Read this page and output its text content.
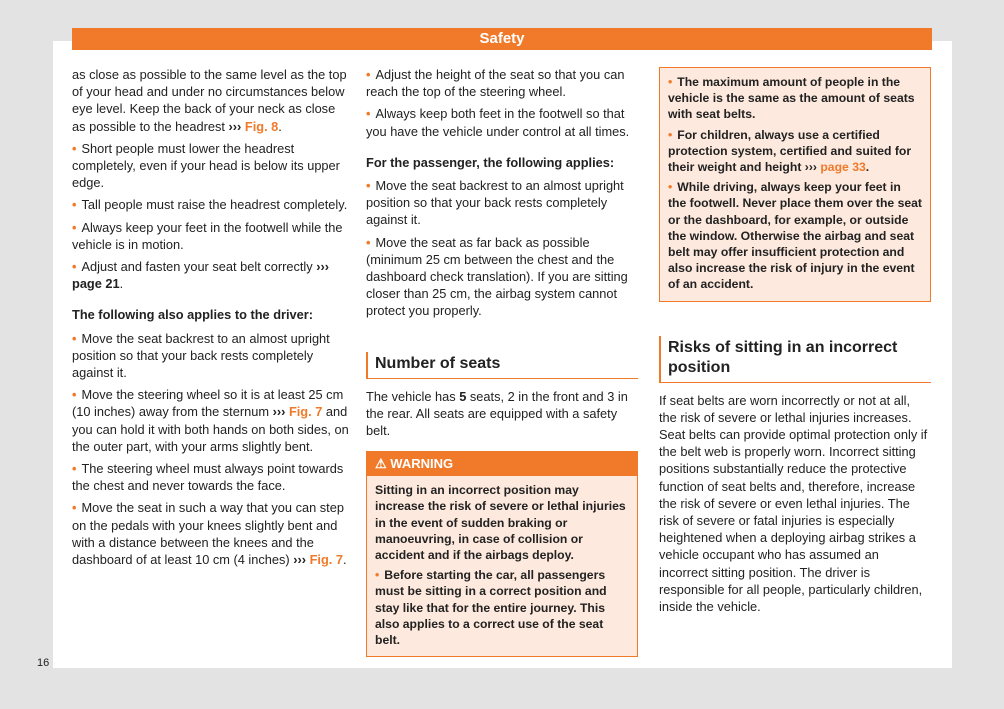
Safety

as close as possible to the same level as the top of your head and under no circumstances below eye level. Keep the back of your neck as close as possible to the headrest ››› Fig. 8.

• Short people must lower the headrest completely, even if your head is below its upper edge.

• Tall people must raise the headrest completely.

• Always keep your feet in the footwell while the vehicle is in motion.

• Adjust and fasten your seat belt correctly ››› page 21.

The following also applies to the driver:

• Move the seat backrest to an almost upright position so that your back rests completely against it.

• Move the steering wheel so it is at least 25 cm (10 inches) away from the sternum ››› Fig. 7 and you can hold it with both hands on both sides, on the outer part, with your arms slightly bent.

• The steering wheel must always point towards the chest and never towards the face.

• Move the seat in such a way that you can step on the pedals with your knees slightly bent and with a distance between the knees and the dashboard of at least 10 cm (4 inches) ››› Fig. 7.

• Adjust the height of the seat so that you can reach the top of the steering wheel.

• Always keep both feet in the footwell so that you have the vehicle under control at all times.

For the passenger, the following applies:

• Move the seat backrest to an almost upright position so that your back rests completely against it.

• Move the seat as far back as possible (minimum 25 cm between the chest and the dashboard check translation). If you are sitting closer than 25 cm, the airbag system cannot protect you properly.

Number of seats

The vehicle has 5 seats, 2 in the front and 3 in the rear. All seats are equipped with a safety belt.

⚠ WARNING

Sitting in an incorrect position may increase the risk of severe or lethal injuries in the event of sudden braking or manoeuvring, in case of collision or accident and if the airbags deploy.

• Before starting the car, all passengers must be sitting in a correct position and stay like that for the entire journey. This also applies to a correct use of the seat belt.

• The maximum amount of people in the vehicle is the same as the amount of seats with seat belts.

• For children, always use a certified protection system, certified and suited for their weight and height ››› page 33.

• While driving, always keep your feet in the footwell. Never place them over the seat or the dashboard, for example, or outside the window. Otherwise the airbag and seat belt may offer insufficient protection and also increase the risk of injury in the event of an accident.

Risks of sitting in an incorrect position

If seat belts are worn incorrectly or not at all, the risk of severe or lethal injuries increases. Seat belts can provide optimal protection only if the belt web is properly worn. Incorrect sitting positions substantially reduce the protective function of seat belts and, therefore, increase the risk of severe or even lethal injuries. The risk of severe or fatal injuries is especially heightened when a deploying airbag strikes a vehicle occupant who has assumed an incorrect sitting position. The driver is responsible for all people, particularly children, inside the vehicle.

16
